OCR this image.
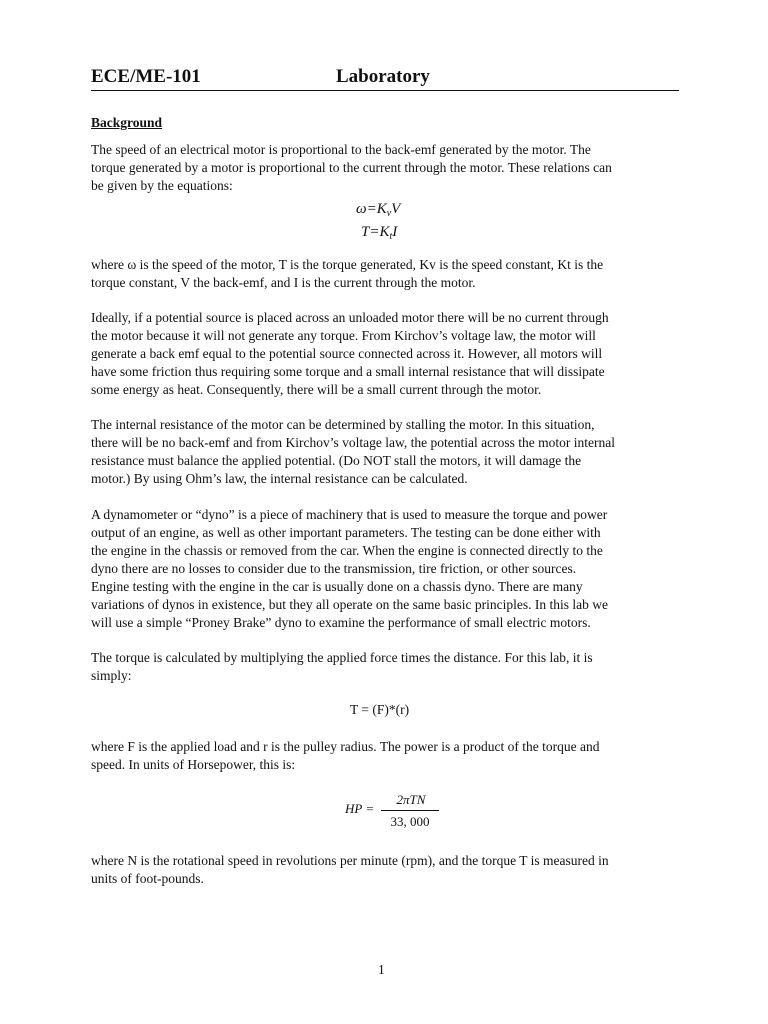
ECE/ME-101	Laboratory
Background

The speed of an electrical motor is proportional to the back-emf generated by the motor. The
torque generated by a motor is proportional to the current through the motor. These relations can
be given by the equations:

$\omega=K_vV$
$T=K_tI$

where ω is the speed of the motor, T is the torque generated, Kv is the speed constant, Kt is the
torque constant, V the back-emf, and I is the current through the motor.

Ideally, if a potential source is placed across an unloaded motor there will be no current through
the motor because it will not generate any torque. From Kirchov’s voltage law, the motor will
generate a back emf equal to the potential source connected across it. However, all motors will
have some friction thus requiring some torque and a small internal resistance that will dissipate
some energy as heat. Consequently, there will be a small current through the motor.

The internal resistance of the motor can be determined by stalling the motor. In this situation,
there will be no back-emf and from Kirchov’s voltage law, the potential across the motor internal
resistance must balance the applied potential. (Do NOT stall the motors, it will damage the
motor.) By using Ohm’s law, the internal resistance can be calculated.

A dynamometer or “dyno” is a piece of machinery that is used to measure the torque and power
output of an engine, as well as other important parameters. The testing can be done either with
the engine in the chassis or removed from the car. When the engine is connected directly to the
dyno there are no losses to consider due to the transmission, tire friction, or other sources.
Engine testing with the engine in the car is usually done on a chassis dyno. There are many
variations of dynos in existence, but they all operate on the same basic principles. In this lab we
will use a simple “Proney Brake” dyno to examine the performance of small electric motors.

The torque is calculated by multiplying the applied force times the distance. For this lab, it is
simply:

T = (F)*(r)

where F is the applied load and r is the pulley radius. The power is a product of the torque and
speed. In units of Horsepower, this is:

HP =
2πTN
33, 000

where N is the rotational speed in revolutions per minute (rpm), and the torque T is measured in
units of foot-pounds.

1
